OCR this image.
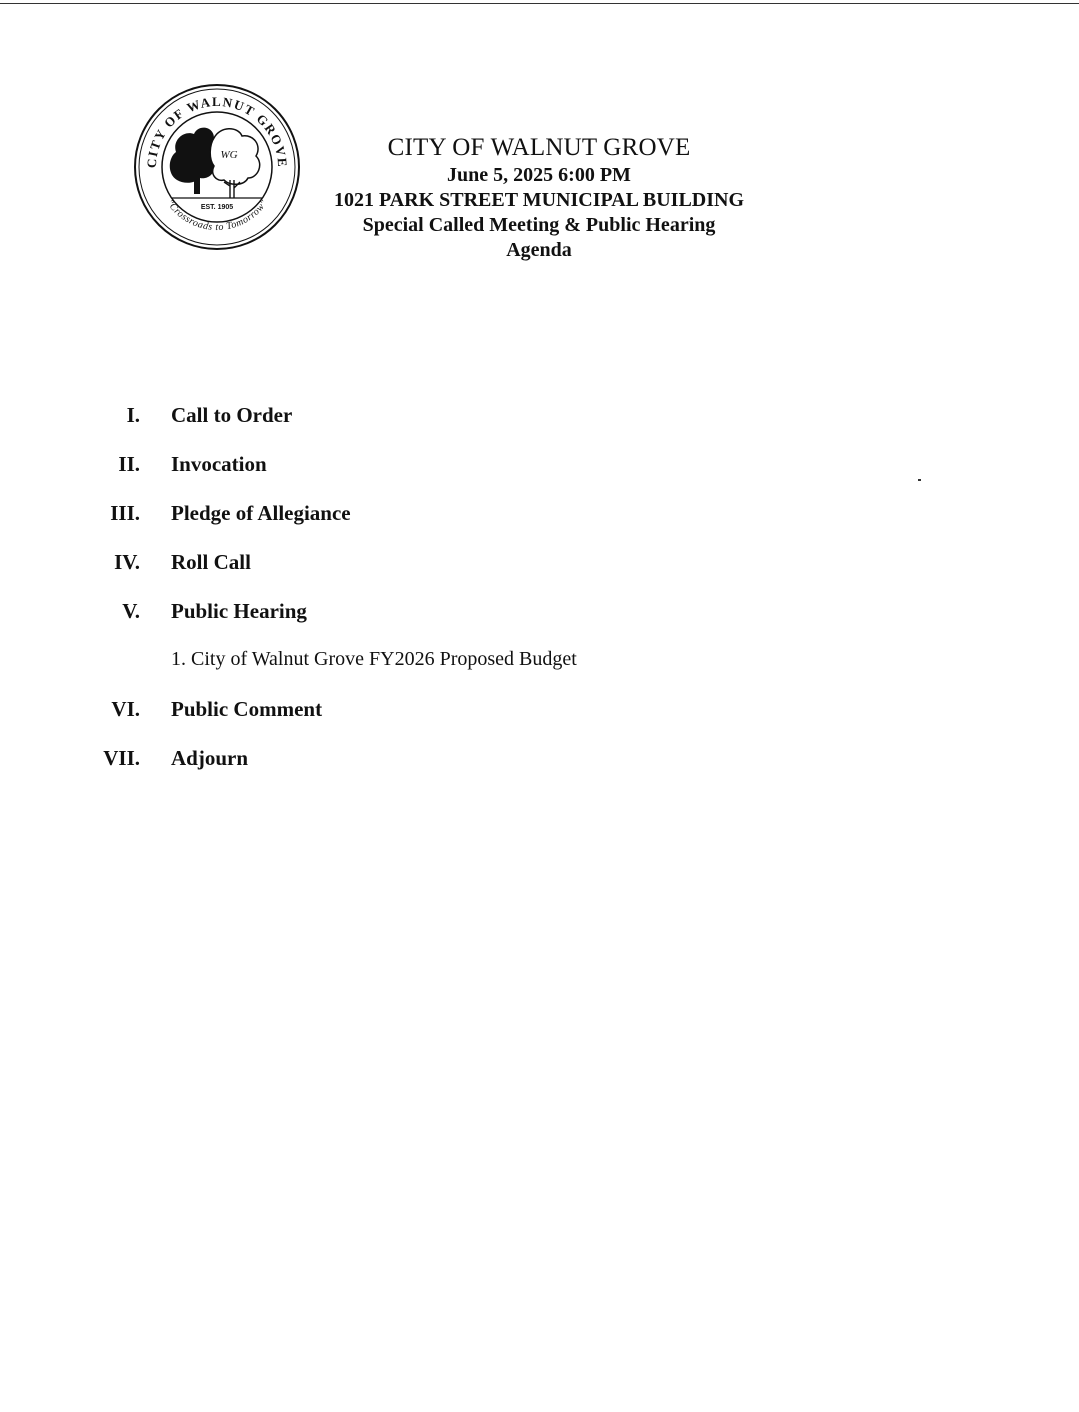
CITY OF WALNUT GROVE
"Crossroads to Tomorrow"
WG
EST. 1905
CITY OF WALNUT GROVE
June 5, 2025 6:00 PM
1021 PARK STREET MUNICIPAL BUILDING
Special Called Meeting & Public Hearing
Agenda
I. Call to Order
II. Invocation
III. Pledge of Allegiance
IV. Roll Call
V. Public Hearing
1. City of Walnut Grove FY2026 Proposed Budget
VI. Public Comment
VII. Adjourn
